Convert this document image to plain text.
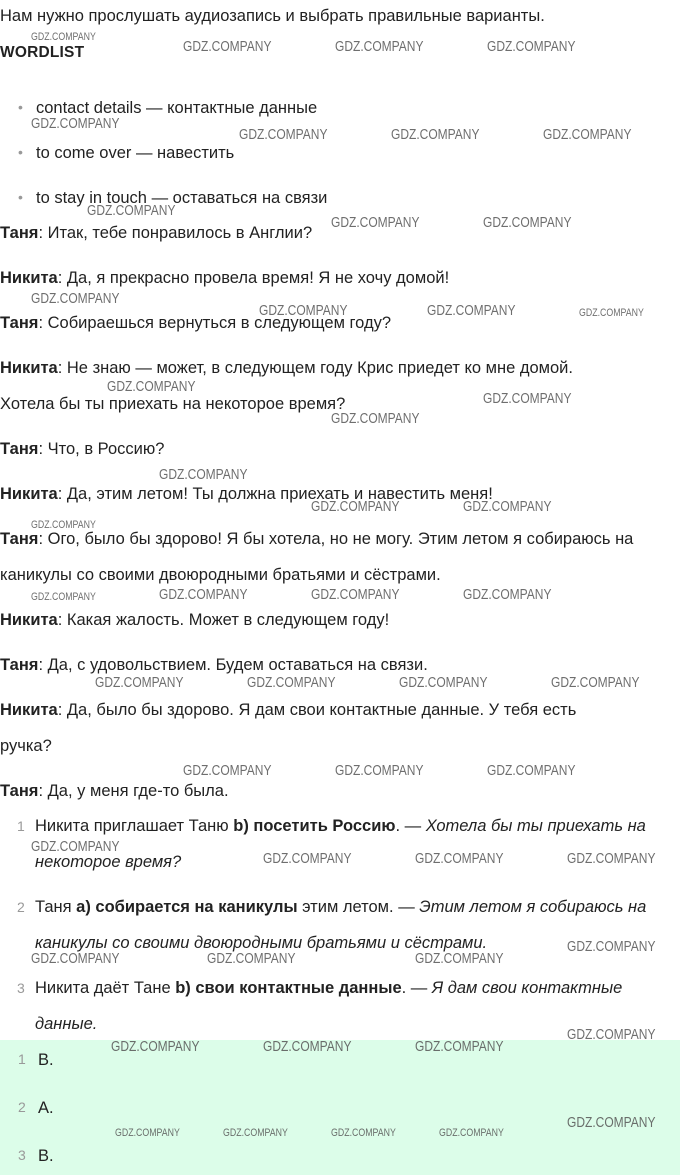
Нам нужно прослушать аудиозапись и выбрать правильные варианты.
WORDLIST
• contact details — контактные данные
• to come over — навестить
• to stay in touch — оставаться на связи
Таня: Итак, тебе понравилось в Англии?
Никита: Да, я прекрасно провела время! Я не хочу домой!
Таня: Собираешься вернуться в следующем году?
Никита: Не знаю — может, в следующем году Крис приедет ко мне домой.
Хотела бы ты приехать на некоторое время?
Таня: Что, в Россию?
Никита: Да, этим летом! Ты должна приехать и навестить меня!
Таня: Ого, было бы здорово! Я бы хотела, но не могу. Этим летом я собираюсь на
каникулы со своими двоюродными братьями и сёстрами.
Никита: Какая жалость. Может в следующем году!
Таня: Да, с удовольствием. Будем оставаться на связи.
Никита: Да, было бы здорово. Я дам свои контактные данные. У тебя есть
ручка?
Таня: Да, у меня где-то была.
1 Никита приглашает Таню b) посетить Россию. — Хотела бы ты приехать на некоторое время?
2 Таня a) собирается на каникулы этим летом. — Этим летом я собираюсь на каникулы со своими двоюродными братьями и сёстрами.
3 Никита даёт Тане b) свои контактные данные. — Я дам свои контактные данные.
1 B.
2 A.
3 B.
GDZ.COMPANY
GDZ.COMPANY	GDZ.COMPANY	GDZ.COMPANY
GDZ.COMPANY
GDZ.COMPANY	GDZ.COMPANY	GDZ.COMPANY
GDZ.COMPANY
GDZ.COMPANY	GDZ.COMPANY
GDZ.COMPANY
GDZ.COMPANY	GDZ.COMPANY	GDZ.COMPANY
GDZ.COMPANY
GDZ.COMPANY
GDZ.COMPANY
GDZ.COMPANY
GDZ.COMPANY	GDZ.COMPANY
GDZ.COMPANY
GDZ.COMPANY	GDZ.COMPANY	GDZ.COMPANY	GDZ.COMPANY
GDZ.COMPANY	GDZ.COMPANY	GDZ.COMPANY	GDZ.COMPANY
GDZ.COMPANY	GDZ.COMPANY	GDZ.COMPANY
GDZ.COMPANY
GDZ.COMPANY	GDZ.COMPANY	GDZ.COMPANY
GDZ.COMPANY
GDZ.COMPANY	GDZ.COMPANY	GDZ.COMPANY
GDZ.COMPANY
GDZ.COMPANY	GDZ.COMPANY	GDZ.COMPANY
GDZ.COMPANY
GDZ.COMPANY	GDZ.COMPANY	GDZ.COMPANY	GDZ.COMPANY
